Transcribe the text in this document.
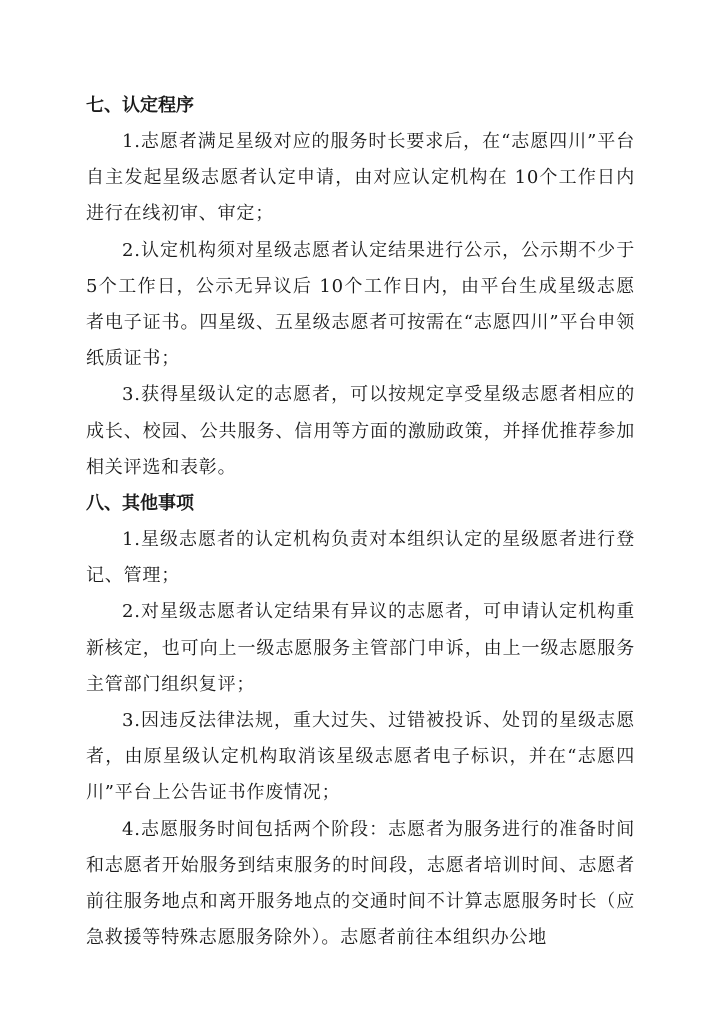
七、认定程序

1.志愿者满足星级对应的服务时长要求后，在“志愿四川”平台自主发起星级志愿者认定申请，由对应认定机构在 10个工作日内进行在线初审、审定；

2.认定机构须对星级志愿者认定结果进行公示，公示期不少于5个工作日，公示无异议后 10个工作日内，由平台生成星级志愿者电子证书。四星级、五星级志愿者可按需在“志愿四川”平台申领纸质证书；

3.获得星级认定的志愿者，可以按规定享受星级志愿者相应的成长、校园、公共服务、信用等方面的激励政策，并择优推荐参加相关评选和表彰。

八、其他事项

1.星级志愿者的认定机构负责对本组织认定的星级愿者进行登记、管理；

2.对星级志愿者认定结果有异议的志愿者，可申请认定机构重新核定，也可向上一级志愿服务主管部门申诉，由上一级志愿服务主管部门组织复评；

3.因违反法律法规，重大过失、过错被投诉、处罚的星级志愿者，由原星级认定机构取消该星级志愿者电子标识，并在“志愿四川”平台上公告证书作废情况；

4.志愿服务时间包括两个阶段：志愿者为服务进行的准备时间和志愿者开始服务到结束服务的时间段，志愿者培训时间、志愿者前往服务地点和离开服务地点的交通时间不计算志愿服务时长（应急救援等特殊志愿服务除外）。志愿者前往本组织办公地
